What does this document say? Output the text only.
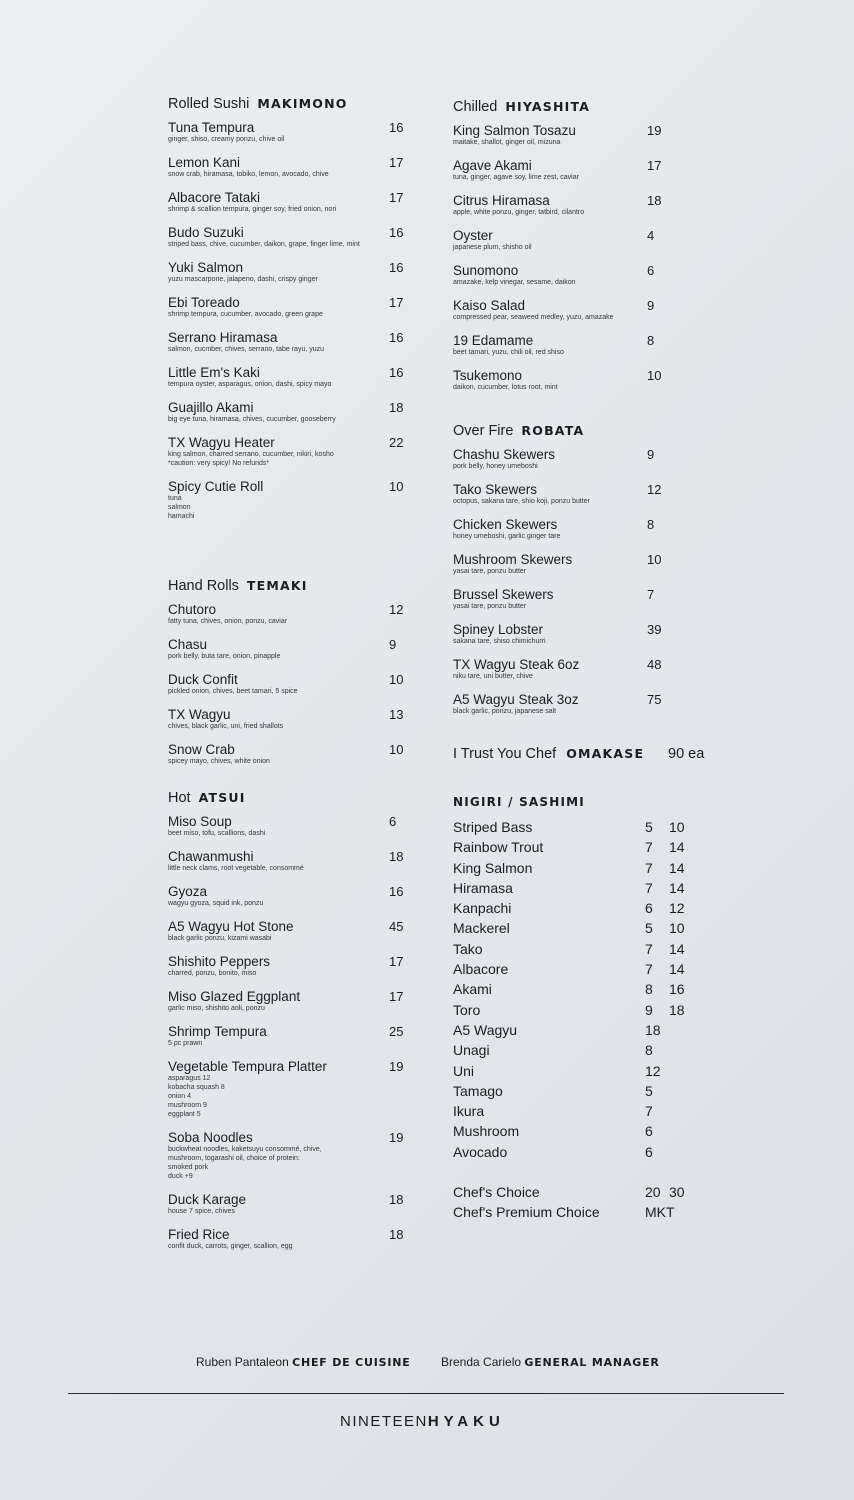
Rolled Sushi MAKIMONO
Tuna Tempura
ginger, shiso, creamy ponzu, chive oil
16
Lemon Kani
snow crab, hiramasa, tobiko, lemon, avocado, chive
17
Albacore Tataki
shrimp & scallion tempura, ginger soy, fried onion, nori
17
Budo Suzuki
striped bass, chive, cucumber, daikon, grape, finger lime, mint
16
Yuki Salmon
yuzu mascarpone, jalapeno, dashi, crispy ginger
16
Ebi Toreado
shrimp tempura, cucumber, avocado, green grape
17
Serrano Hiramasa
salmon, cucmber, chives, serrano, tabe rayu, yuzu
16
Little Em's Kaki
tempura oyster, asparagus, onion, dashi, spicy mayo
16
Guajillo Akami
big eye tuna, hiramasa, chives, cucumber, gooseberry
18
TX Wagyu Heater
king salmon, charred serrano, cucumber, nikiri, kosho
*caution: very spicy! No refunds*
22
Spicy Cutie Roll
tuna
salmon
hamachi
10
Hand Rolls TEMAKI
Chutoro
fatty tuna, chives, onion, ponzu, caviar
12
Chasu
pork belly, buta tare, onion, pinapple
9
Duck Confit
pickled onion, chives, beet tamari, 5 spice
10
TX Wagyu
chives, black garlic, uni, fried shallots
13
Snow Crab
spicey mayo, chives, white onion
10
Hot ATSUI
Miso Soup
beet miso, tofu, scallions, dashi
6
Chawanmushi
little neck clams, root vegetable, consommé
18
Gyoza
wagyu gyoza, squid ink, ponzu
16
A5 Wagyu Hot Stone
black garlic ponzu, kizami wasabi
45
Shishito Peppers
charred, ponzu, bonito, miso
17
Miso Glazed Eggplant
garlic miso, shishito aoli, ponzu
17
Shrimp Tempura
5 pc prawn
25
Vegetable Tempura Platter
asparagus 12
kobacha squash 8
onion 4
mushroom 9
eggplant 5
19
Soba Noodles
buckwheat noodles, kaketsuyu consommé, chive,
mushroom, togarashi oil, choice of protein:
smoked pork
duck +9
19
Duck Karage
house 7 spice, chives
18
Fried Rice
confit duck, carrots, ginger, scallion, egg
18
Chilled HIYASHITA
King Salmon Tosazu
maitake, shallot, ginger oil, mizuna
19
Agave Akami
tuna, ginger, agave soy, lime zest, caviar
17
Citrus Hiramasa
apple, white ponzu, ginger, tatbird, cilantro
18
Oyster
japanese plum, shisho oil
4
Sunomono
amazake, kelp vinegar, sesame, daikon
6
Kaiso Salad
compressed pear, seaweed medley, yuzu, amazake
9
19 Edamame
beet tamari, yuzu, chili oil, red shiso
8
Tsukemono
daikon, cucumber, lotus root, mint
10
Over Fire ROBATA
Chashu Skewers
pork belly, honey umeboshi
9
Tako Skewers
octopus, sakana tare, shio koji, ponzu butter
12
Chicken Skewers
honey umeboshi, garlic ginger tare
8
Mushroom Skewers
yasai tare, ponzu butter
10
Brussel Skewers
yasai tare, ponzu butter
7
Spiney Lobster
sakana tare, shiso chimichurri
39
TX Wagyu Steak 6oz
niku tare, uni butter, chive
48
A5 Wagyu Steak 3oz
black garlic, ponzu, japanese salt
75
I Trust You Chef OMAKASE 90 ea
NIGIRI / SASHIMI
Striped Bass	5 10
Rainbow Trout	7 14
King Salmon	7 14
Hiramasa	7 14
Kanpachi	6 12
Mackerel	5 10
Tako	7 14
Albacore	7 14
Akami	8 16
Toro	9 18
A5 Wagyu	18
Unagi	8
Uni	12
Tamago	5
Ikura	7
Mushroom	6
Avocado	6
Chef's Choice	20 30
Chef's Premium Choice	MKT
Ruben Pantaleon CHEF DE CUISINE	Brenda Carielo GENERAL MANAGER
NINETEENHYAKU
